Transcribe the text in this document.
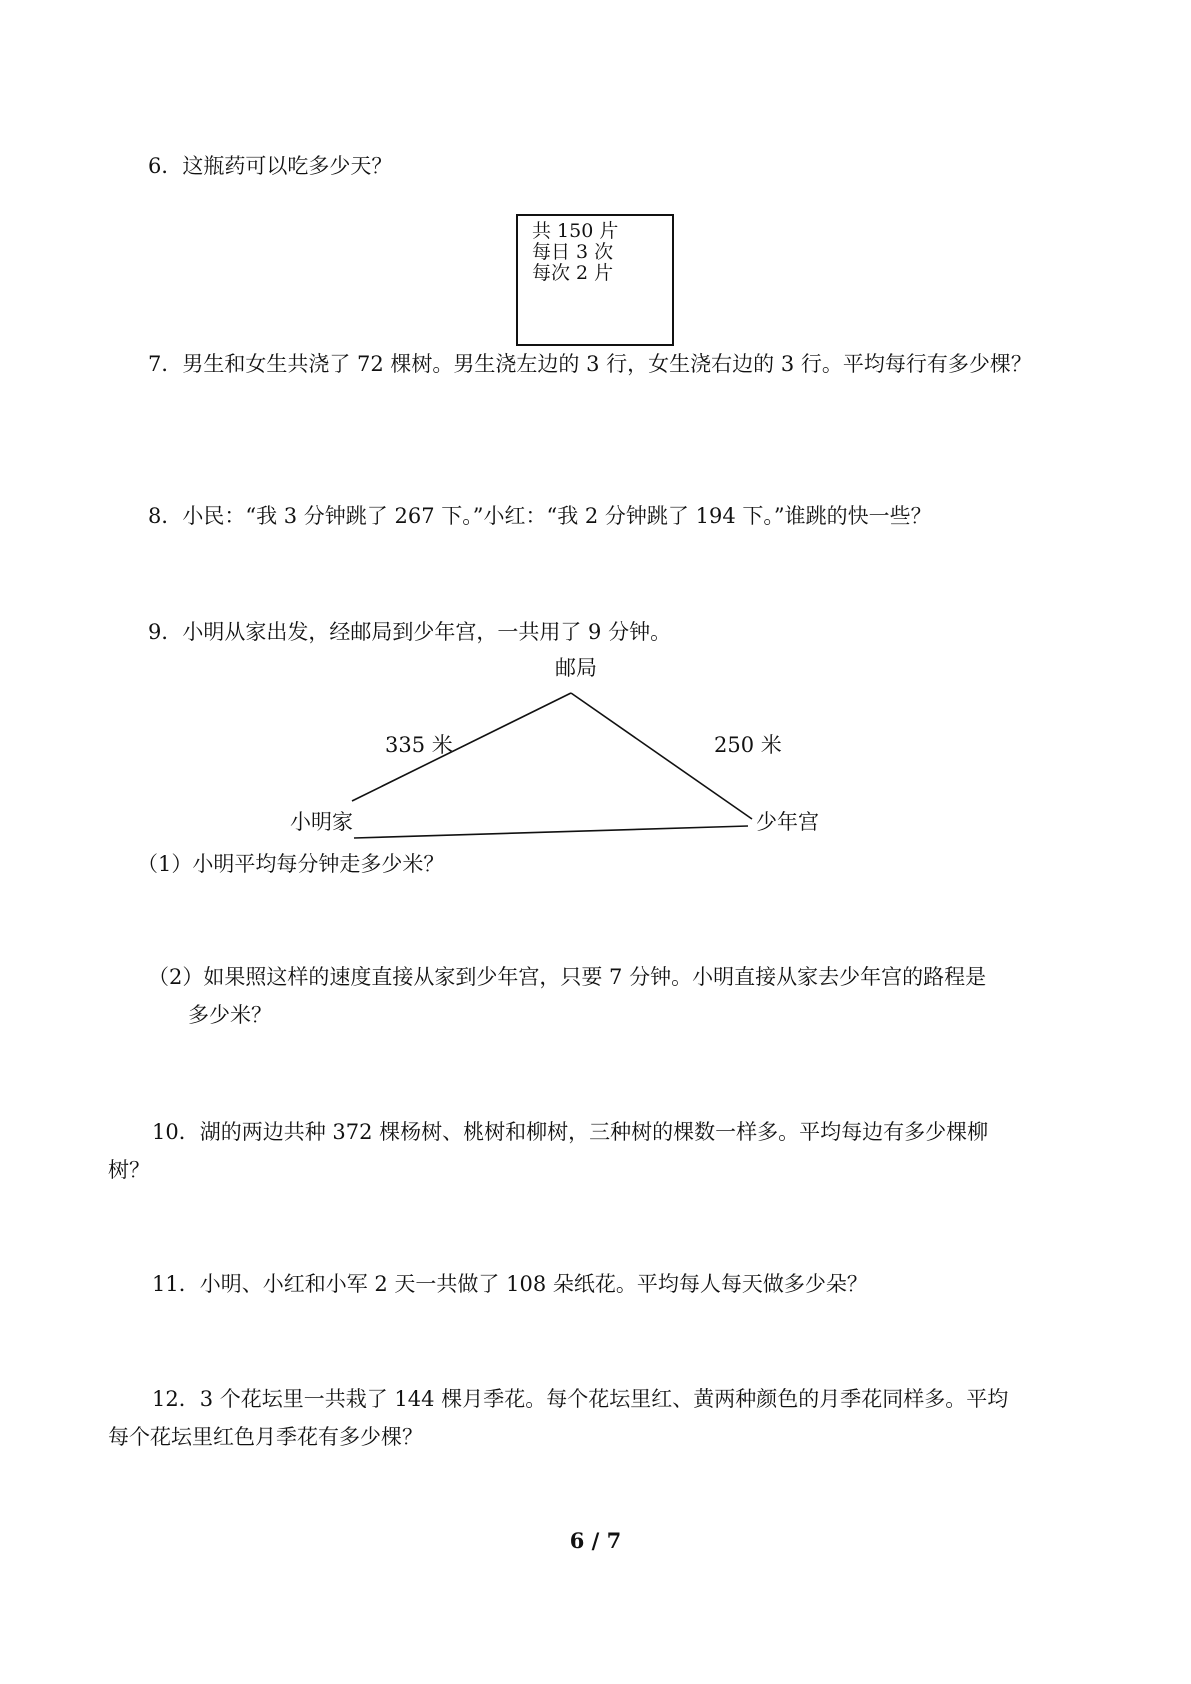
6．这瓶药可以吃多少天？
共 150 片
每日 3 次
每次 2 片
7．男生和女生共浇了 72 棵树。男生浇左边的 3 行，女生浇右边的 3 行。平均每行有多少棵？
8．小民：“我 3 分钟跳了 267 下。”小红：“我 2 分钟跳了 194 下。”谁跳的快一些？
9．小明从家出发，经邮局到少年宫，一共用了 9 分钟。
邮局
335 米	250 米
小明家	少年宫
（1）小明平均每分钟走多少米？
（2）如果照这样的速度直接从家到少年宫，只要 7 分钟。小明直接从家去少年宫的路程是
多少米？
10．湖的两边共种 372 棵杨树、桃树和柳树，三种树的棵数一样多。平均每边有多少棵柳
树？
11．小明、小红和小军 2 天一共做了 108 朵纸花。平均每人每天做多少朵？
12．3 个花坛里一共栽了 144 棵月季花。每个花坛里红、黄两种颜色的月季花同样多。平均
每个花坛里红色月季花有多少棵？
6 / 7
